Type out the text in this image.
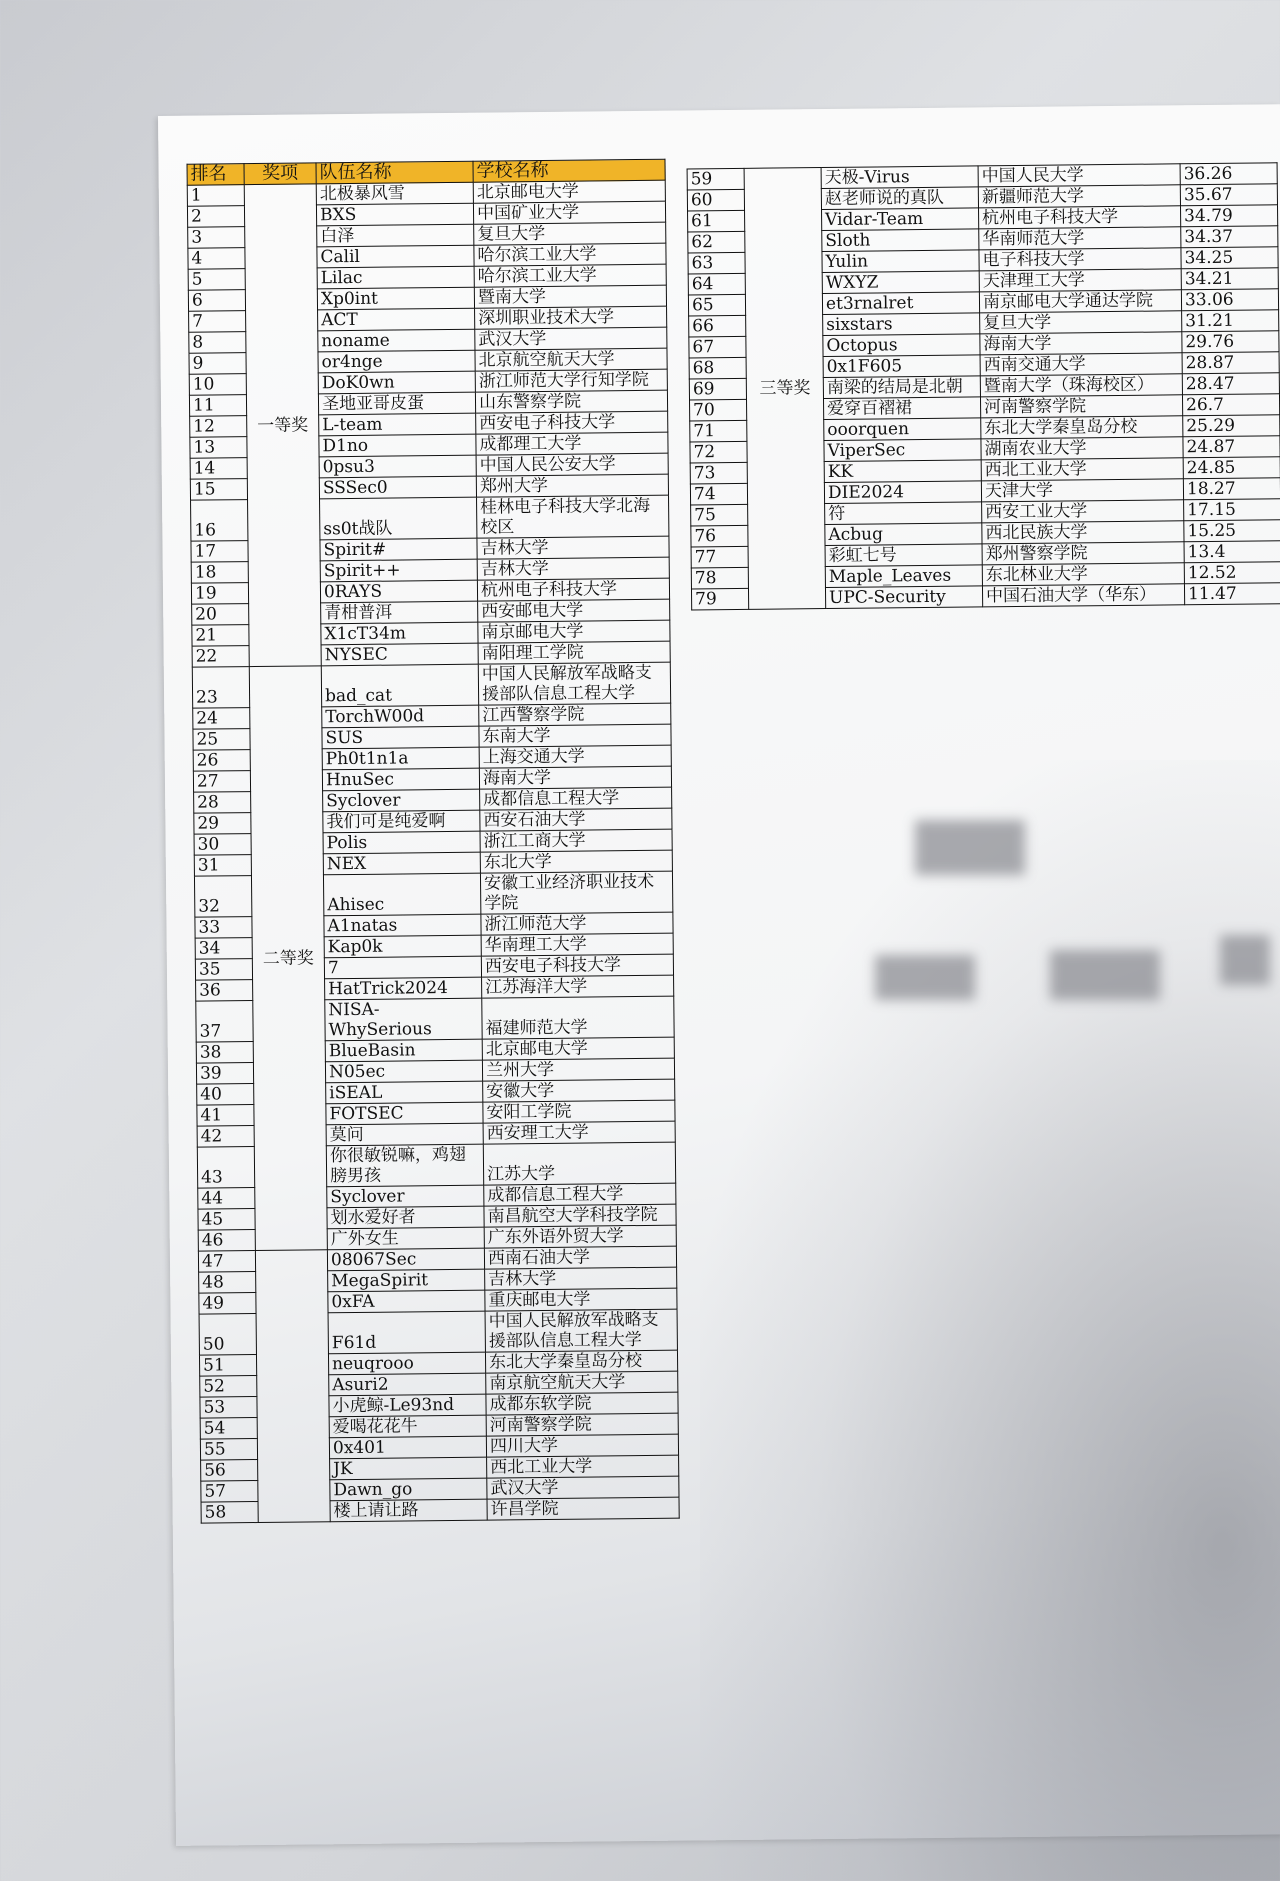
排名	奖项	队伍名称	学校名称
1	一等奖	北极暴风雪	北京邮电大学
2		BXS	中国矿业大学
3		白泽	复旦大学
4		Calil	哈尔滨工业大学
5		Lilac	哈尔滨工业大学
6		Xp0int	暨南大学
7		ACT	深圳职业技术大学
8		noname	武汉大学
9		or4nge	北京航空航天大学
10		DoK0wn	浙江师范大学行知学院
11		圣地亚哥皮蛋	山东警察学院
12		L-team	西安电子科技大学
13		D1no	成都理工大学
14		0psu3	中国人民公安大学
15		SSSec0	郑州大学
16		ss0t战队	桂林电子科技大学北海校区
17		Spirit#	吉林大学
18		Spirit++	吉林大学
19		0RAYS	杭州电子科技大学
20		青柑普洱	西安邮电大学
21		X1cT34m	南京邮电大学
22		NYSEC	南阳理工学院
23	二等奖	bad_cat	中国人民解放军战略支援部队信息工程大学
24		TorchW00d	江西警察学院
25		SUS	东南大学
26		Ph0t1n1a	上海交通大学
27		HnuSec	海南大学
28		Syclover	成都信息工程大学
29		我们可是纯爱啊	西安石油大学
30		Polis	浙江工商大学
31		NEX	东北大学
32		Ahisec	安徽工业经济职业技术学院
33		A1natas	浙江师范大学
34		Kap0k	华南理工大学
35		7	西安电子科技大学
36		HatTrick2024	江苏海洋大学
37		NISA-WhySerious	福建师范大学
38		BlueBasin	北京邮电大学
39		N05ec	兰州大学
40		iSEAL	安徽大学
41		FOTSEC	安阳工学院
42		莫问	西安理工大学
43		你很敏锐嘛，鸡翅膀男孩	江苏大学
44		Syclover	成都信息工程大学
45		划水爱好者	南昌航空大学科技学院
46		广外女生	广东外语外贸大学
47		08067Sec	西南石油大学
48		MegaSpirit	吉林大学
49		0xFA	重庆邮电大学
50		F61d	中国人民解放军战略支援部队信息工程大学
51		neuqrooo	东北大学秦皇岛分校
52		Asuri2	南京航空航天大学
53		小虎鲸-Le93nd	成都东软学院
54		爱喝花花牛	河南警察学院
55		0x401	四川大学
56		JK	西北工业大学
57		Dawn_go	武汉大学
58		楼上请让路	许昌学院
59	三等奖	天极-Virus	中国人民大学	36.26
60		赵老师说的真队	新疆师范大学	35.67
61		Vidar-Team	杭州电子科技大学	34.79
62		Sloth	华南师范大学	34.37
63		Yulin	电子科技大学	34.25
64		WXYZ	天津理工大学	34.21
65		et3rnalret	南京邮电大学通达学院	33.06
66		sixstars	复旦大学	31.21
67		Octopus	海南大学	29.76
68		0x1F605	西南交通大学	28.87
69		南梁的结局是北朝	暨南大学（珠海校区）	28.47
70		爱穿百褶裙	河南警察学院	26.7
71		ooorquen	东北大学秦皇岛分校	25.29
72		ViperSec	湖南农业大学	24.87
73		KK	西北工业大学	24.85
74		DIE2024	天津大学	18.27
75		符	西安工业大学	17.15
76		Acbug	西北民族大学	15.25
77		彩虹七号	郑州警察学院	13.4
78		Maple_Leaves	东北林业大学	12.52
79		UPC-Security	中国石油大学（华东）	11.47
